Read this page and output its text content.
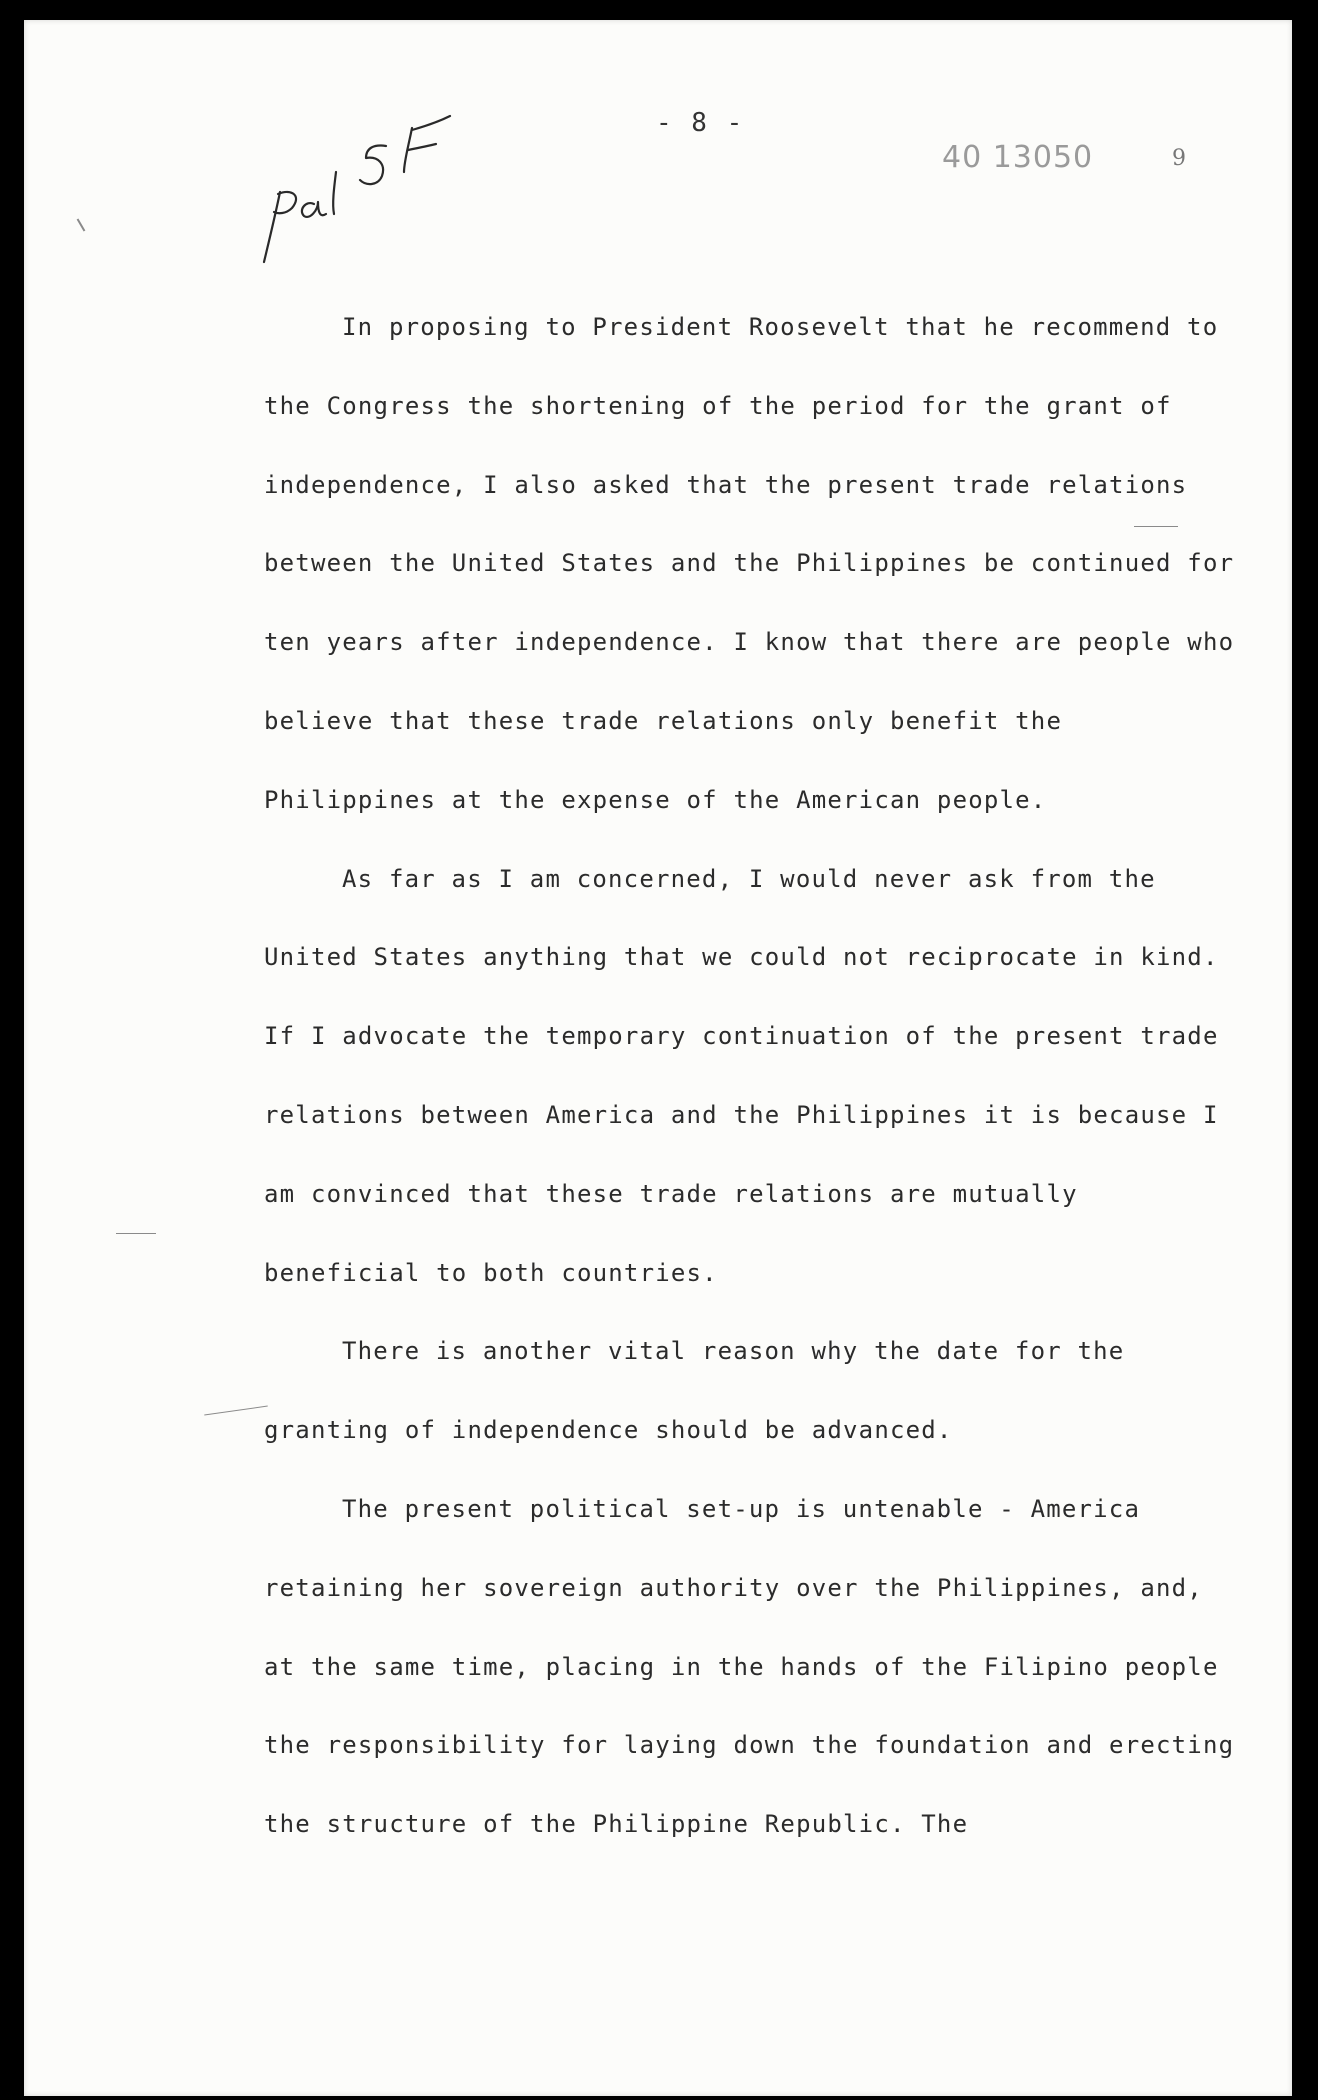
- 8 -
40 13050	9

In proposing to President Roosevelt that he recommend to the Congress the shortening of the period for the grant of independence, I also asked that the present trade relations between the United States and the Philippines be continued for ten years after independence. I know that there are people who believe that these trade relations only benefit the Philippines at the expense of the American people.

As far as I am concerned, I would never ask from the United States anything that we could not reciprocate in kind. If I advocate the temporary continuation of the present trade relations between America and the Philippines it is because I am convinced that these trade relations are mutually beneficial to both countries.

There is another vital reason why the date for the granting of independence should be advanced.

The present political set-up is untenable - America retaining her sovereign authority over the Philippines, and, at the same time, placing in the hands of the Filipino people the responsibility for laying down the foundation and erecting the structure of the Philippine Republic. The
